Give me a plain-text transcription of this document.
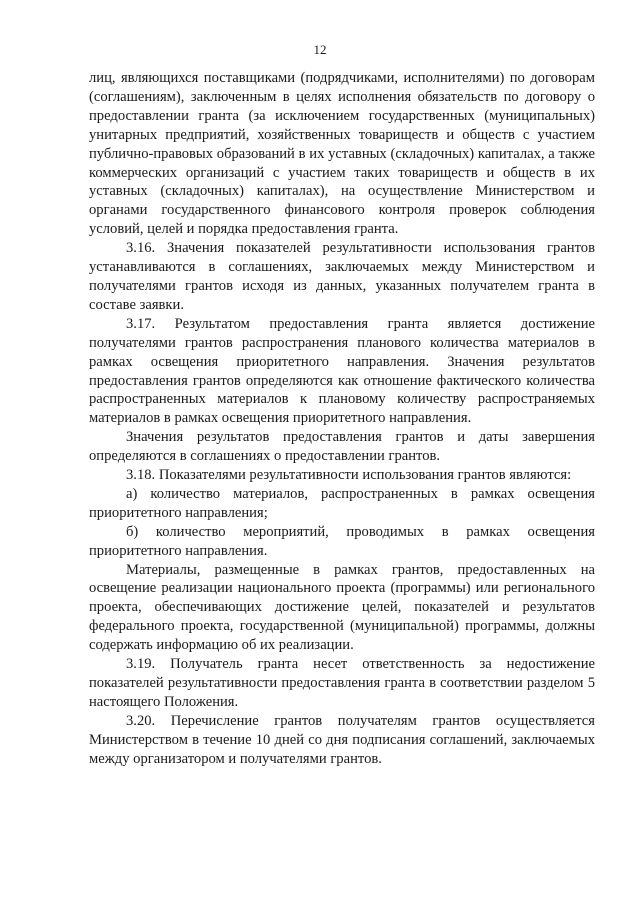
12

лиц, являющихся поставщиками (подрядчиками, исполнителями) по договорам (соглашениям), заключенным в целях исполнения обязательств по договору о предоставлении гранта (за исключением государственных (муниципальных) унитарных предприятий, хозяйственных товариществ и обществ с участием публично-правовых образований в их уставных (складочных) капиталах, а также коммерческих организаций с участием таких товариществ и обществ в их уставных (складочных) капиталах), на осуществление Министерством и органами государственного финансового контроля проверок соблюдения условий, целей и порядка предоставления гранта.

3.16. Значения показателей результативности использования грантов устанавливаются в соглашениях, заключаемых между Министерством и получателями грантов исходя из данных, указанных получателем гранта в составе заявки.

3.17. Результатом предоставления гранта является достижение получателями грантов распространения планового количества материалов в рамках освещения приоритетного направления. Значения результатов предоставления грантов определяются как отношение фактического количества распространенных материалов к плановому количеству распространяемых материалов в рамках освещения приоритетного направления.

Значения результатов предоставления грантов и даты завершения определяются в соглашениях о предоставлении грантов.

3.18. Показателями результативности использования грантов являются:

а) количество материалов, распространенных в рамках освещения приоритетного направления;

б) количество мероприятий, проводимых в рамках освещения приоритетного направления.

Материалы, размещенные в рамках грантов, предоставленных на освещение реализации национального проекта (программы) или регионального проекта, обеспечивающих достижение целей, показателей и результатов федерального проекта, государственной (муниципальной) программы, должны содержать информацию об их реализации.

3.19. Получатель гранта несет ответственность за недостижение показателей результативности предоставления гранта в соответствии разделом 5 настоящего Положения.

3.20. Перечисление грантов получателям грантов осуществляется Министерством в течение 10 дней со дня подписания соглашений, заключаемых между организатором и получателями грантов.
